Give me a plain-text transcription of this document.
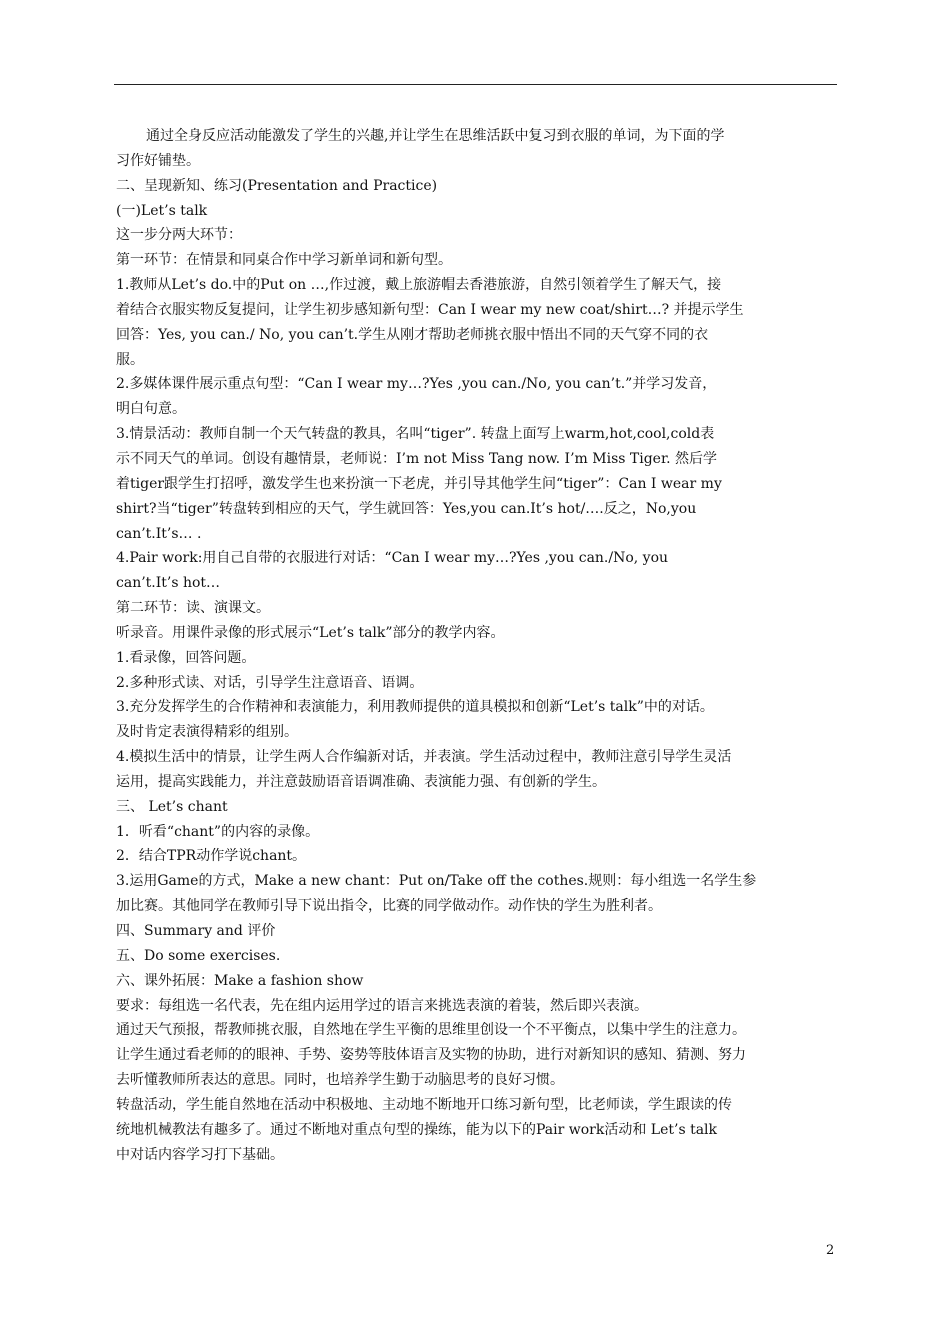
通过全身反应活动能激发了学生的兴趣,并让学生在思维活跃中复习到衣服的单词，为下面的学
习作好铺垫。
二、呈现新知、练习(Presentation and Practice)
(一)Let’s talk
这一步分两大环节：
第一环节：在情景和同桌合作中学习新单词和新句型。
1.教师从Let’s do.中的Put on …,作过渡，戴上旅游帽去香港旅游，自然引领着学生了解天气，接
着结合衣服实物反复提问，让学生初步感知新句型：Can I wear my new coat/shirt…? 并提示学生
回答：Yes, you can./ No, you can’t.学生从刚才帮助老师挑衣服中悟出不同的天气穿不同的衣
服。
2.多媒体课件展示重点句型：“Can I wear my…?Yes ,you can./No, you can’t.”并学习发音，
明白句意。
3.情景活动：教师自制一个天气转盘的教具，名叫“tiger”. 转盘上面写上warm,hot,cool,cold表
示不同天气的单词。创设有趣情景，老师说：I’m not Miss Tang now. I’m Miss Tiger. 然后学
着tiger跟学生打招呼，激发学生也来扮演一下老虎，并引导其他学生问“tiger”：Can I wear my
shirt?当“tiger”转盘转到相应的天气，学生就回答：Yes,you can.It’s hot/….反之，No,you
can’t.It’s… .
4.Pair work:用自己自带的衣服进行对话：“Can I wear my…?Yes ,you can./No, you
can’t.It’s hot…
第二环节：读、演课文。
听录音。用课件录像的形式展示“Let’s talk”部分的教学内容。
1.看录像，回答问题。
2.多种形式读、对话，引导学生注意语音、语调。
3.充分发挥学生的合作精神和表演能力，利用教师提供的道具模拟和创新“Let’s talk”中的对话。
及时肯定表演得精彩的组别。
4.模拟生活中的情景，让学生两人合作编新对话，并表演。学生活动过程中，教师注意引导学生灵活
运用，提高实践能力，并注意鼓励语音语调准确、表演能力强、有创新的学生。
三、 Let’s chant
1．听看“chant”的内容的录像。
2．结合TPR动作学说chant。
3.运用Game的方式，Make a new chant：Put on/Take off the cothes.规则：每小组选一名学生参
加比赛。其他同学在教师引导下说出指令，比赛的同学做动作。动作快的学生为胜利者。
四、Summary and 评价
五、Do some exercises.
六、课外拓展：Make a fashion show
要求：每组选一名代表，先在组内运用学过的语言来挑选表演的着装，然后即兴表演。
通过天气预报，帮教师挑衣服，自然地在学生平衡的思维里创设一个不平衡点，以集中学生的注意力。
让学生通过看老师的的眼神、手势、姿势等肢体语言及实物的协助，进行对新知识的感知、猜测、努力
去听懂教师所表达的意思。同时，也培养学生勤于动脑思考的良好习惯。
转盘活动，学生能自然地在活动中积极地、主动地不断地开口练习新句型，比老师读，学生跟读的传
统地机械教法有趣多了。通过不断地对重点句型的操练，能为以下的Pair work活动和 Let’s talk
中对话内容学习打下基础。
2
